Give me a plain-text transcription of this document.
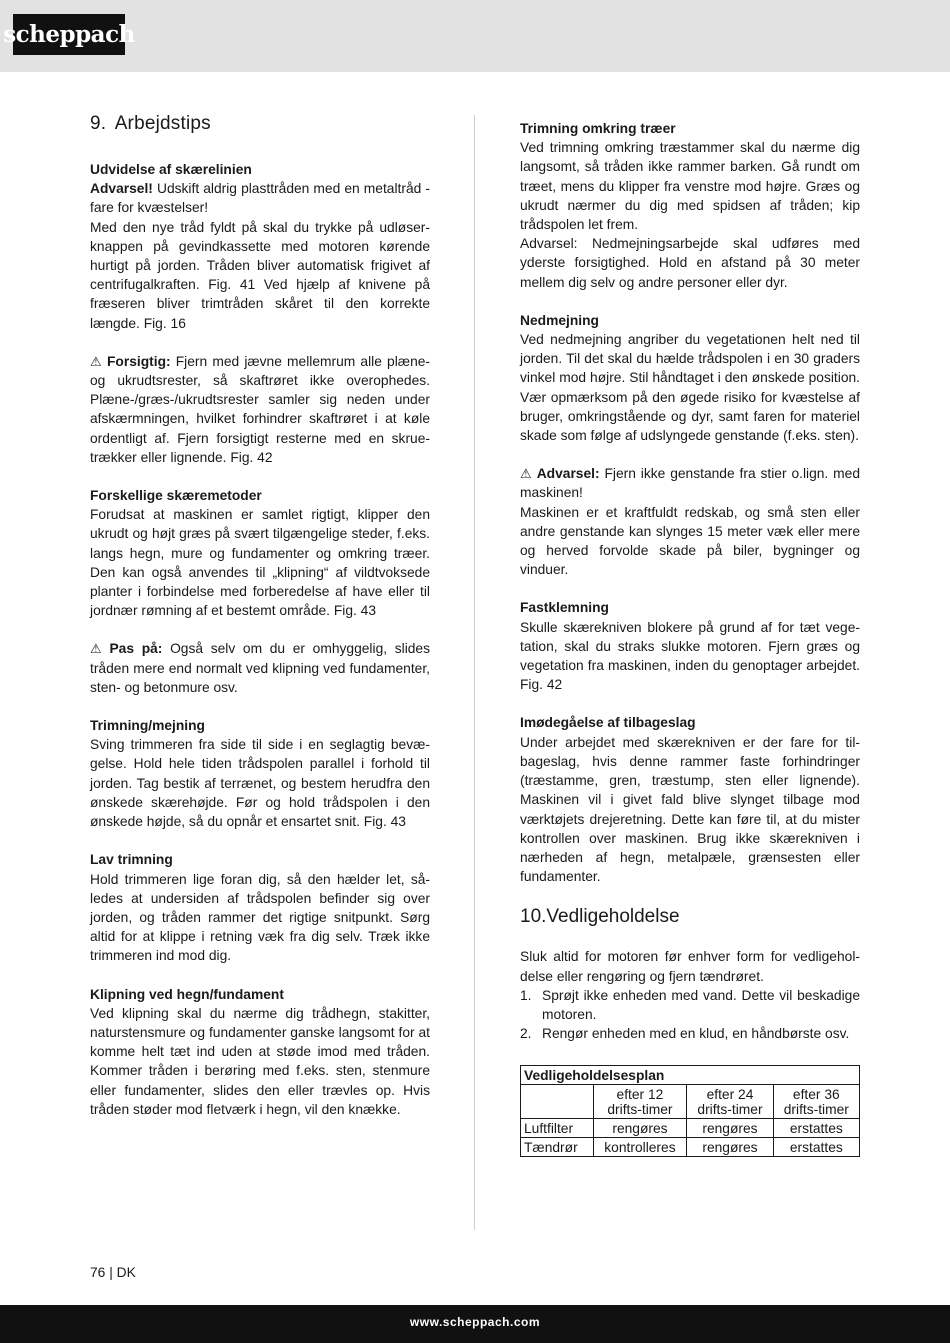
scheppach
9. Arbejdstips
Udvidelse af skærelinien

Advarsel! Udskift aldrig plasttråden med en metaltråd - fare for kvæstelser!

Med den nye tråd fyldt på skal du trykke på udløserknappen på gevindkassette med motoren kørende hurtigt på jorden. Tråden bliver automatisk frigivet af centrifugalkraften. Fig. 41 Ved hjælp af knivene på fræseren bliver trimtråden skåret til den korrekte længde. Fig. 16

⚠ Forsigtig: Fjern med jævne mellemrum alle plæne- og ukrudtsrester, så skaftrøret ikke overophedes. Plæne-/græs-/ukrudtsrester samler sig neden under afskærmningen, hvilket forhindrer skaftrøret i at køle ordentligt af. Fjern forsigtigt resterne med en skruetrækker eller lignende. Fig. 42

Forskellige skæremetoder

Forudsat at maskinen er samlet rigtigt, klipper den ukrudt og højt græs på svært tilgængelige steder, f.eks. langs hegn, mure og fundamenter og omkring træer. Den kan også anvendes til „klipning“ af vildtvoksede planter i forbindelse med forberedelse af have eller til jordnær rømning af et bestemt område. Fig. 43

⚠ Pas på: Også selv om du er omhyggelig, slides tråden mere end normalt ved klipning ved fundamenter, sten- og betonmure osv.

Trimning/mejning

Sving trimmeren fra side til side i en seglagtig bevægelse. Hold hele tiden trådspolen parallel i forhold til jorden. Tag bestik af terrænet, og bestem herudfra den ønskede skærehøjde. Før og hold trådspolen i den ønskede højde, så du opnår et ensartet snit. Fig. 43

Lav trimning

Hold trimmeren lige foran dig, så den hælder let, således at undersiden af trådspolen befinder sig over jorden, og tråden rammer det rigtige snitpunkt. Sørg altid for at klippe i retning væk fra dig selv. Træk ikke trimmeren ind mod dig.

Klipning ved hegn/fundament

Ved klipning skal du nærme dig trådhegn, stakitter, naturstensmure og fundamenter ganske langsomt for at komme helt tæt ind uden at støde imod med tråden. Kommer tråden i berøring med f.eks. sten, stenmure eller fundamenter, slides den eller trævles op. Hvis tråden støder mod fletværk i hegn, vil den knække.

Trimning omkring træer

Ved trimning omkring træstammer skal du nærme dig langsomt, så tråden ikke rammer barken. Gå rundt om træet, mens du klipper fra venstre mod højre. Græs og ukrudt nærmer du dig med spidsen af tråden; kip trådspolen let frem.

Advarsel: Nedmejningsarbejde skal udføres med yderste forsigtighed. Hold en afstand på 30 meter mellem dig selv og andre personer eller dyr.

Nedmejning

Ved nedmejning angriber du vegetationen helt ned til jorden. Til det skal du hælde trådspolen i en 30 graders vinkel mod højre. Stil håndtaget i den ønskede position. Vær opmærksom på den øgede risiko for kvæstelse af bruger, omkringstående og dyr, samt faren for materiel skade som følge af udslyngede genstande (f.eks. sten).

⚠ Advarsel: Fjern ikke genstande fra stier o.lign. med maskinen!

Maskinen er et kraftfuldt redskab, og små sten eller andre genstande kan slynges 15 meter væk eller mere og herved forvolde skade på biler, bygninger og vinduer.

Fastklemning

Skulle skærekniven blokere på grund af for tæt vegetation, skal du straks slukke motoren. Fjern græs og vegetation fra maskinen, inden du genoptager arbejdet. Fig. 42

Imødegåelse af tilbageslag

Under arbejdet med skærekniven er der fare for tilbageslag, hvis denne rammer faste forhindringer (træstamme, gren, træstump, sten eller lignende). Maskinen vil i givet fald blive slynget tilbage mod værktøjets drejeretning. Dette kan føre til, at du mister kontrollen over maskinen. Brug ikke skærekniven i nærheden af hegn, metalpæle, grænsesten eller fundamenter.

10.Vedligeholdelse

Sluk altid for motoren før enhver form for vedligeholdelse eller rengøring og fjern tændrøret.

1. Sprøjt ikke enheden med vand. Dette vil beskadige motoren.
2. Rengør enheden med en klud, en håndbørste osv.
Vedligeholdelsesplan			
	efter 12
drifts-timer	efter 24
drifts-timer	efter 36
drifts-timer
Luftfilter	rengøres	rengøres	erstattes
Tændrør	kontrolleres	rengøres	erstattes
76 | DK
www.scheppach.com
